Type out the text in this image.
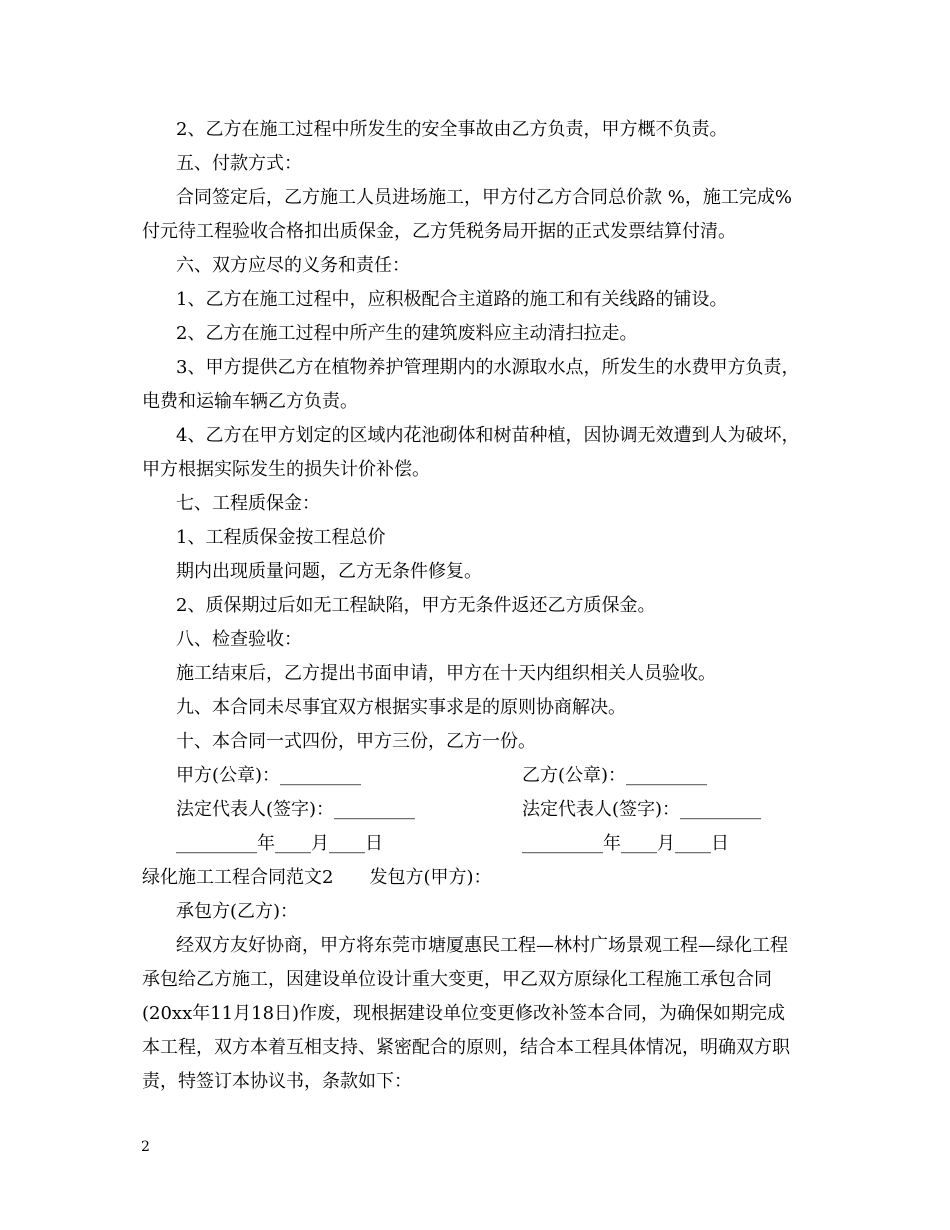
2、乙方在施工过程中所发生的安全事故由乙方负责，甲方概不负责。
五、付款方式：
合同签定后，乙方施工人员进场施工，甲方付乙方合同总价款 %，施工完成%
付元待工程验收合格扣出质保金，乙方凭税务局开据的正式发票结算付清。
六、双方应尽的义务和责任：
1、乙方在施工过程中，应积极配合主道路的施工和有关线路的铺设。
2、乙方在施工过程中所产生的建筑废料应主动清扫拉走。
3、甲方提供乙方在植物养护管理期内的水源取水点，所发生的水费甲方负责，
电费和运输车辆乙方负责。
4、乙方在甲方划定的区域内花池砌体和树苗种植，因协调无效遭到人为破坏，
甲方根据实际发生的损失计价补偿。
七、工程质保金：
1、工程质保金按工程总价
期内出现质量问题，乙方无条件修复。
2、质保期过后如无工程缺陷，甲方无条件返还乙方质保金。
八、检查验收：
施工结束后，乙方提出书面申请，甲方在十天内组织相关人员验收。
九、本合同未尽事宜双方根据实事求是的原则协商解决。
十、本合同一式四份，甲方三份，乙方一份。
甲方(公章)：_________	乙方(公章)：_________
法定代表人(签字)：_________	法定代表人(签字)：_________
_________年____月____日	_________年____月____日
绿化施工工程合同范文2　　发包方(甲方)：
承包方(乙方)：
经双方友好协商，甲方将东莞市塘厦惠民工程—林村广场景观工程—绿化工程
承包给乙方施工，因建设单位设计重大变更，甲乙双方原绿化工程施工承包合同
(20xx年11月18日)作废，现根据建设单位变更修改补签本合同，为确保如期完成
本工程，双方本着互相支持、紧密配合的原则，结合本工程具体情况，明确双方职
责，特签订本协议书，条款如下：
2
